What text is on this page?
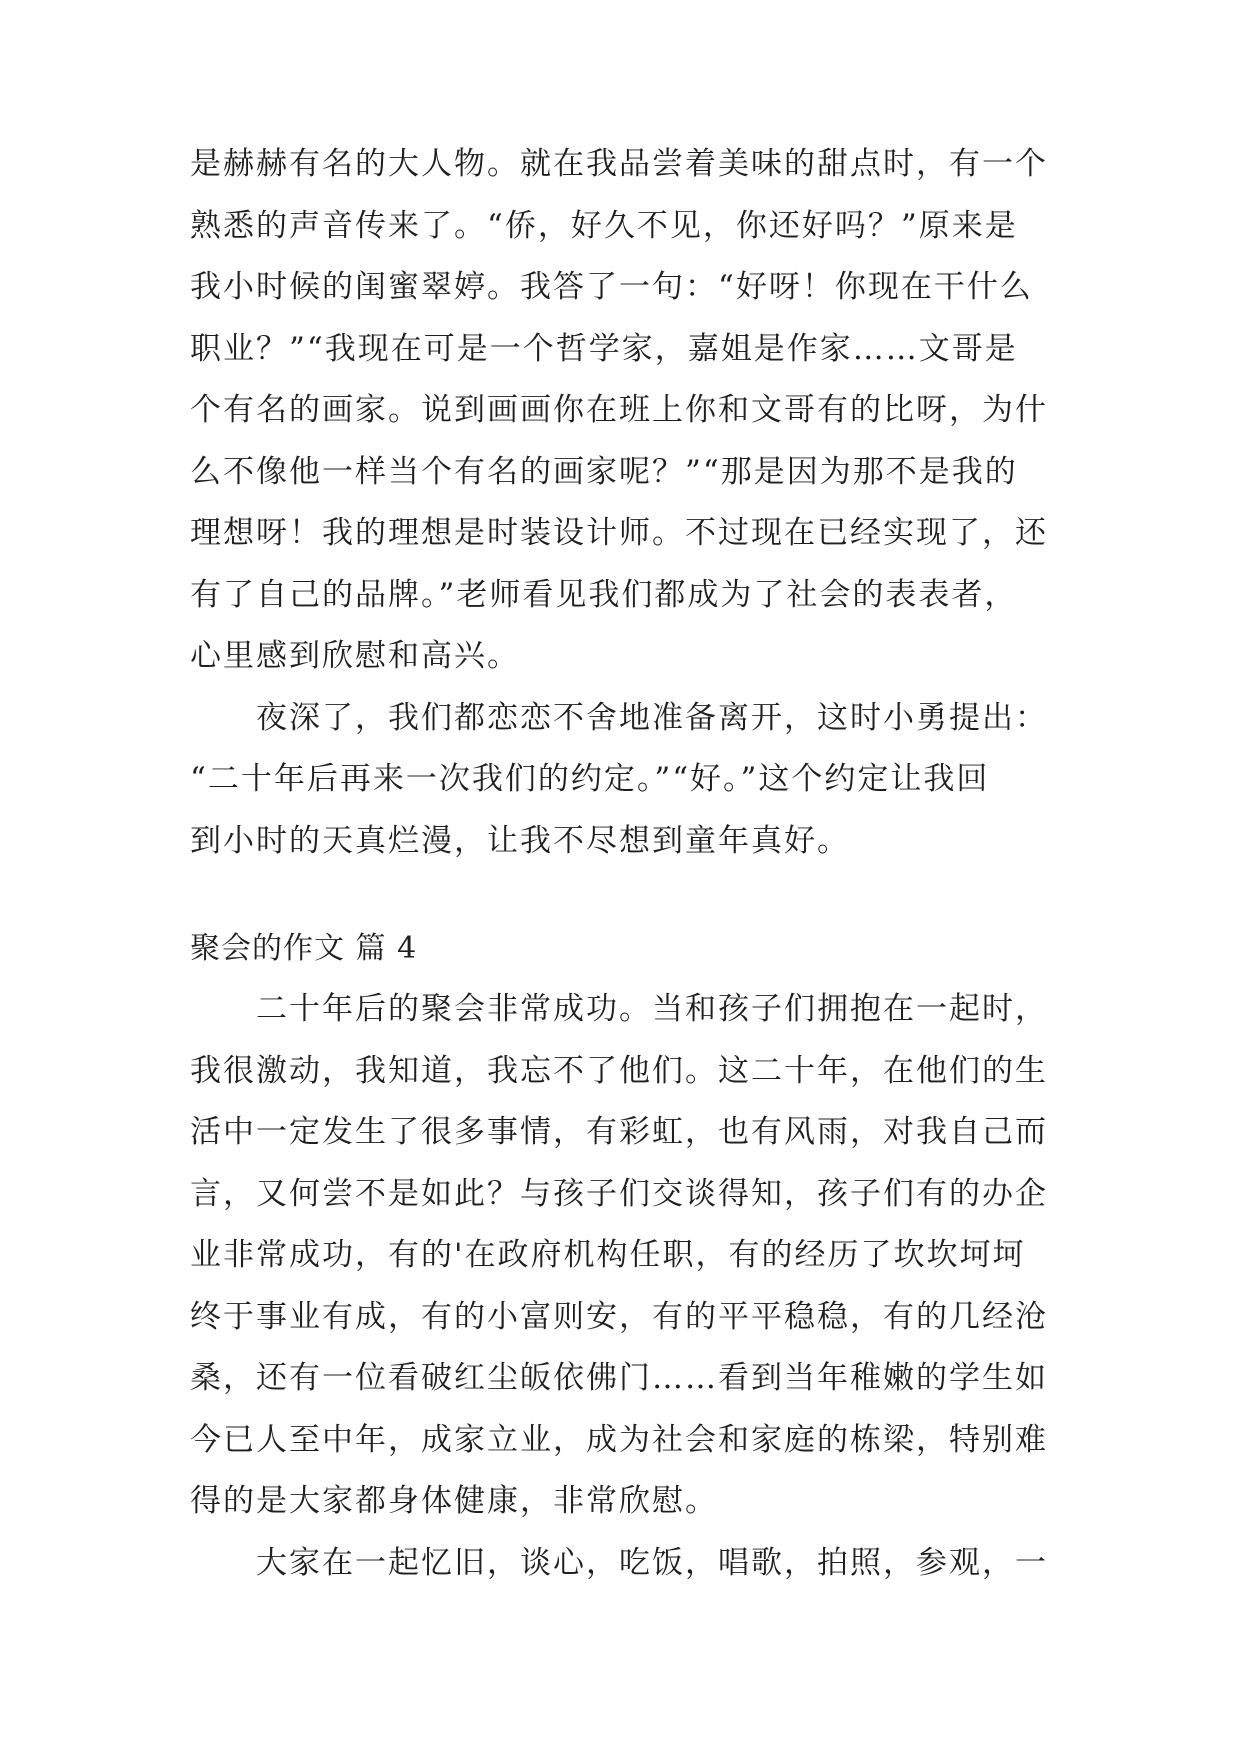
是赫赫有名的大人物。就在我品尝着美味的甜点时，有一个
熟悉的声音传来了。“侨，好久不见，你还好吗？”原来是
我小时候的闺蜜翠婷。我答了一句：“好呀！你现在干什么
职业？”“我现在可是一个哲学家，嘉姐是作家……文哥是
个有名的画家。说到画画你在班上你和文哥有的比呀，为什
么不像他一样当个有名的画家呢？”“那是因为那不是我的
理想呀！我的理想是时装设计师。不过现在已经实现了，还
有了自己的品牌。”老师看见我们都成为了社会的表表者，
心里感到欣慰和高兴。
　　夜深了，我们都恋恋不舍地准备离开，这时小勇提出：
“二十年后再来一次我们的约定。”“好。”这个约定让我回
到小时的天真烂漫，让我不尽想到童年真好。
聚会的作文 篇 4
　　二十年后的聚会非常成功。当和孩子们拥抱在一起时，
我很激动，我知道，我忘不了他们。这二十年，在他们的生
活中一定发生了很多事情，有彩虹，也有风雨，对我自己而
言，又何尝不是如此？与孩子们交谈得知，孩子们有的办企
业非常成功，有的'在政府机构任职，有的经历了坎坎坷坷
终于事业有成，有的小富则安，有的平平稳稳，有的几经沧
桑，还有一位看破红尘皈依佛门……看到当年稚嫩的学生如
今已人至中年，成家立业，成为社会和家庭的栋梁，特别难
得的是大家都身体健康，非常欣慰。
　　大家在一起忆旧，谈心，吃饭，唱歌，拍照，参观，一
